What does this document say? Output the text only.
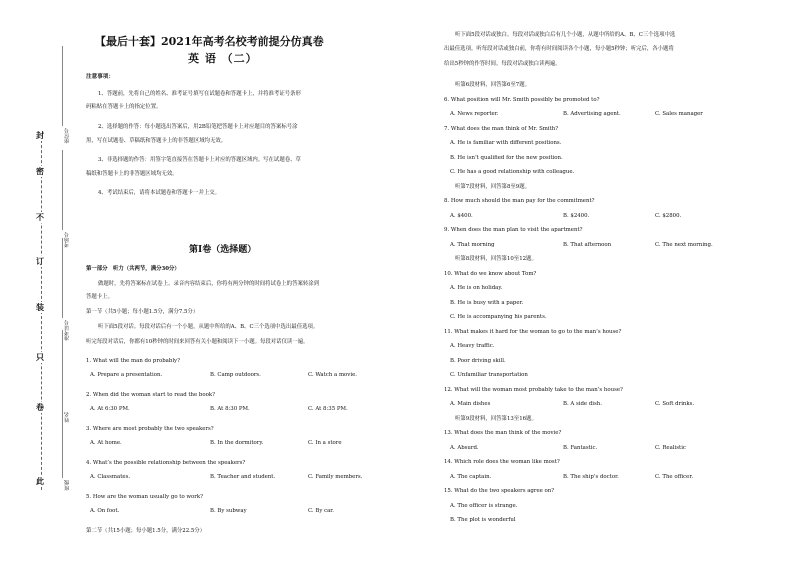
此
卷
只
装
订
不
密
封
班级
姓名
准考证号
考场号
座位号
【最后十套】2021年高考名校考前提分仿真卷
英 语 （二）
注意事项：
1、答题前，先将自己的姓名、准考证号填写在试题卷和答题卡上，并将准考证号条形
码粘贴在答题卡上的指定位置。
2、选择题的作答：每小题选出答案后，用2B铅笔把答题卡上对应题目的答案标号涂
黑，写在试题卷、草稿纸和答题卡上的非答题区域均无效。
3、非选择题的作答：用签字笔直接答在答题卡上对应的答题区域内。写在试题卷、草
稿纸和答题卡上的非答题区域均无效。
4、考试结束后，请将本试题卷和答题卡一并上交。
第Ⅰ卷（选择题）
第一部分　听力（共两节，满分30分）
做题时，先将答案标在试卷上。录音内容结束后，你将有两分钟的时间将试卷上的答案转涂到
答题卡上。
第一节（共5小题；每小题1.5分，满分7.5分）
听下面5段对话。每段对话后有一个小题，从题中所给的A、B、C三个选项中选出最佳选项。
听完每段对话后，你都有10秒钟的时间来回答有关小题和阅读下一小题。每段对话仅读一遍。
1. What will the man do probably?
A. Prepare a presentation.	B. Camp outdoors.	C. Watch a movie.
2. When did the woman start to read the book?
A. At 6:30 PM.	B. At 8:30 PM.	C. At 8:35 PM.
3. Where are most probably the two speakers?
A. At home.	B. In the dormitory.	C. In a store
4. What’s the possible relationship between the speakers?
A. Classmates.	B. Teacher and student.	C. Family members.
5. How are the woman usually go to work?
A. On foot.	B. By subway	C. By car.
第二节（共15小题；每小题1.5分，满分22.5分）
听下面5段对话或独白。每段对话或独白后有几个小题，从题中所给的A、B、C三个选项中选
出最佳选项。听每段对话或独白前，你将有时间阅读各个小题，每小题5秒钟；听完后，各小题将
给出5秒钟的作答时间。每段对话或独白读两遍。
听第6段材料，回答第6至7题。
6. What position will Mr. Smith possibly be promoted to?
A. News reporter.	B. Advertising agent.	C. Sales manager
7. What does the man think of Mr. Smith?
A. He is familiar with different positions.
B. He isn’t qualified for the new position.
C. He has a good relationship with colleague.
听第7段材料，回答第8至9题。
8. How much should the man pay for the commitment?
A. $400.	B. $2400.	C. $2800.
9. When does the man plan to visit the apartment?
A. That morning	B. That afternoon	C. The next morning.
听第8段材料，回答第10至12题。
10. What do we know about Tom?
A. He is on holiday.
B. He is busy with a paper.
C. He is accompanying his parents.
11. What makes it hard for the woman to go to the man’s house?
A. Heavy traffic.
B. Poor driving skill.
C. Unfamiliar transportation
12. What will the woman most probably take to the man’s house?
A. Main dishes	B. A side dish.	C. Soft drinks.
听第9段材料，回答第13至16题。
13. What does the man think of the movie?
A. Absurd.	B. Fantastic.	C. Realistic
14. Which role does the woman like most?
A. The captain.	B. The ship’s doctor.	C. The officer.
15. What do the two speakers agree on?
A. The officer is strange.
B. The plot is wonderful
